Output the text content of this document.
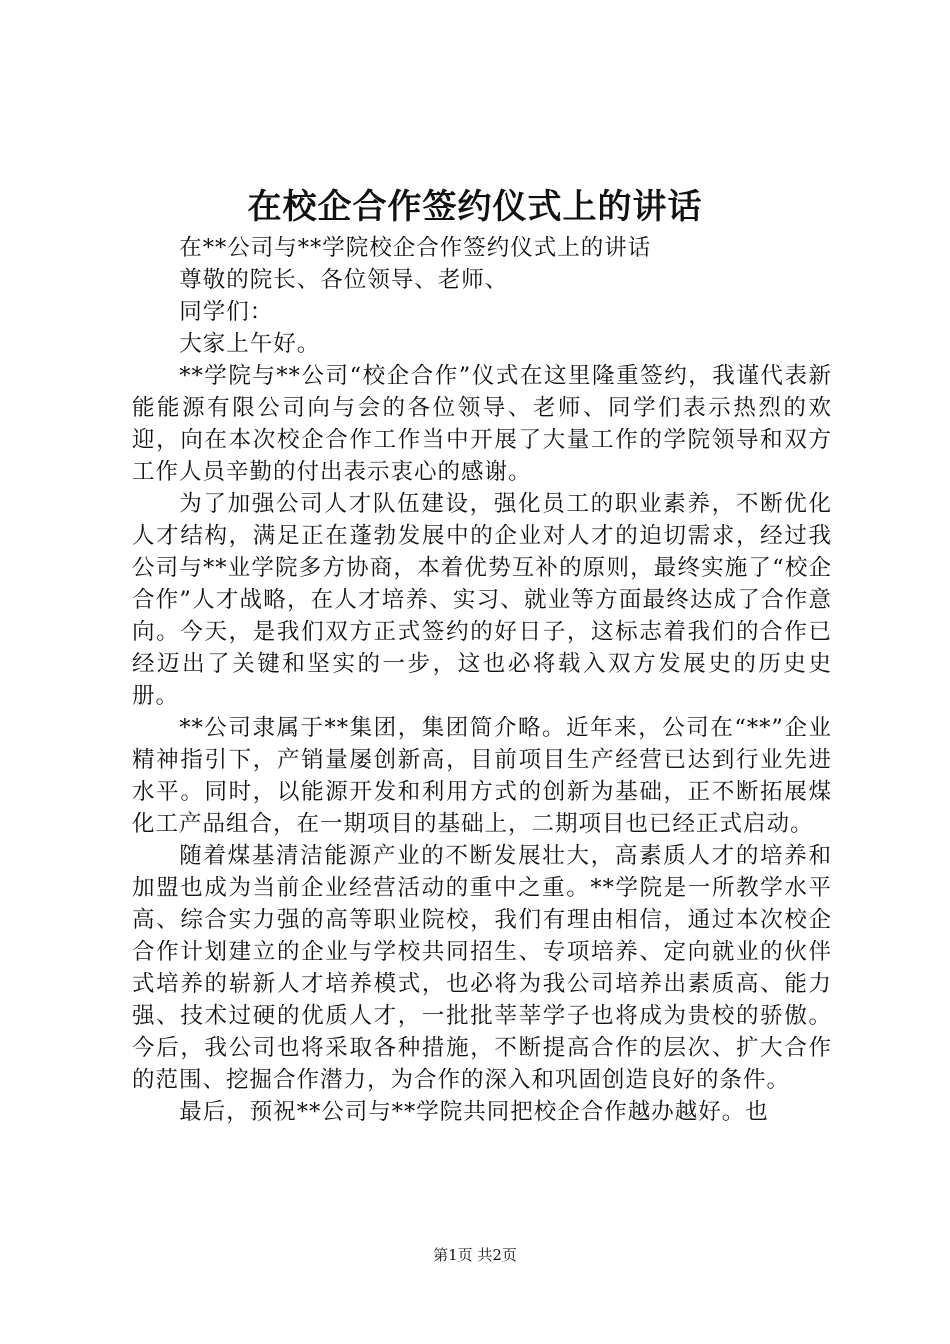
在校企合作签约仪式上的讲话

在**公司与**学院校企合作签约仪式上的讲话

尊敬的院长、各位领导、老师、

同学们：

大家上午好。

**学院与**公司“校企合作”仪式在这里隆重签约，我谨代表新能能源有限公司向与会的各位领导、老师、同学们表示热烈的欢迎，向在本次校企合作工作当中开展了大量工作的学院领导和双方工作人员辛勤的付出表示衷心的感谢。

为了加强公司人才队伍建设，强化员工的职业素养，不断优化人才结构，满足正在蓬勃发展中的企业对人才的迫切需求，经过我公司与**业学院多方协商，本着优势互补的原则，最终实施了“校企合作”人才战略，在人才培养、实习、就业等方面最终达成了合作意向。今天，是我们双方正式签约的好日子，这标志着我们的合作已经迈出了关键和坚实的一步，这也必将载入双方发展史的历史史册。

**公司隶属于**集团，集团简介略。近年来，公司在“**”企业精神指引下，产销量屡创新高，目前项目生产经营已达到行业先进水平。同时，以能源开发和利用方式的创新为基础，正不断拓展煤化工产品组合，在一期项目的基础上，二期项目也已经正式启动。

随着煤基清洁能源产业的不断发展壮大，高素质人才的培养和加盟也成为当前企业经营活动的重中之重。**学院是一所教学水平高、综合实力强的高等职业院校，我们有理由相信，通过本次校企合作计划建立的企业与学校共同招生、专项培养、定向就业的伙伴式培养的崭新人才培养模式，也必将为我公司培养出素质高、能力强、技术过硬的优质人才，一批批莘莘学子也将成为贵校的骄傲。今后，我公司也将采取各种措施，不断提高合作的层次、扩大合作的范围、挖掘合作潜力，为合作的深入和巩固创造良好的条件。

最后，预祝**公司与**学院共同把校企合作越办越好。也

第1页 共2页
